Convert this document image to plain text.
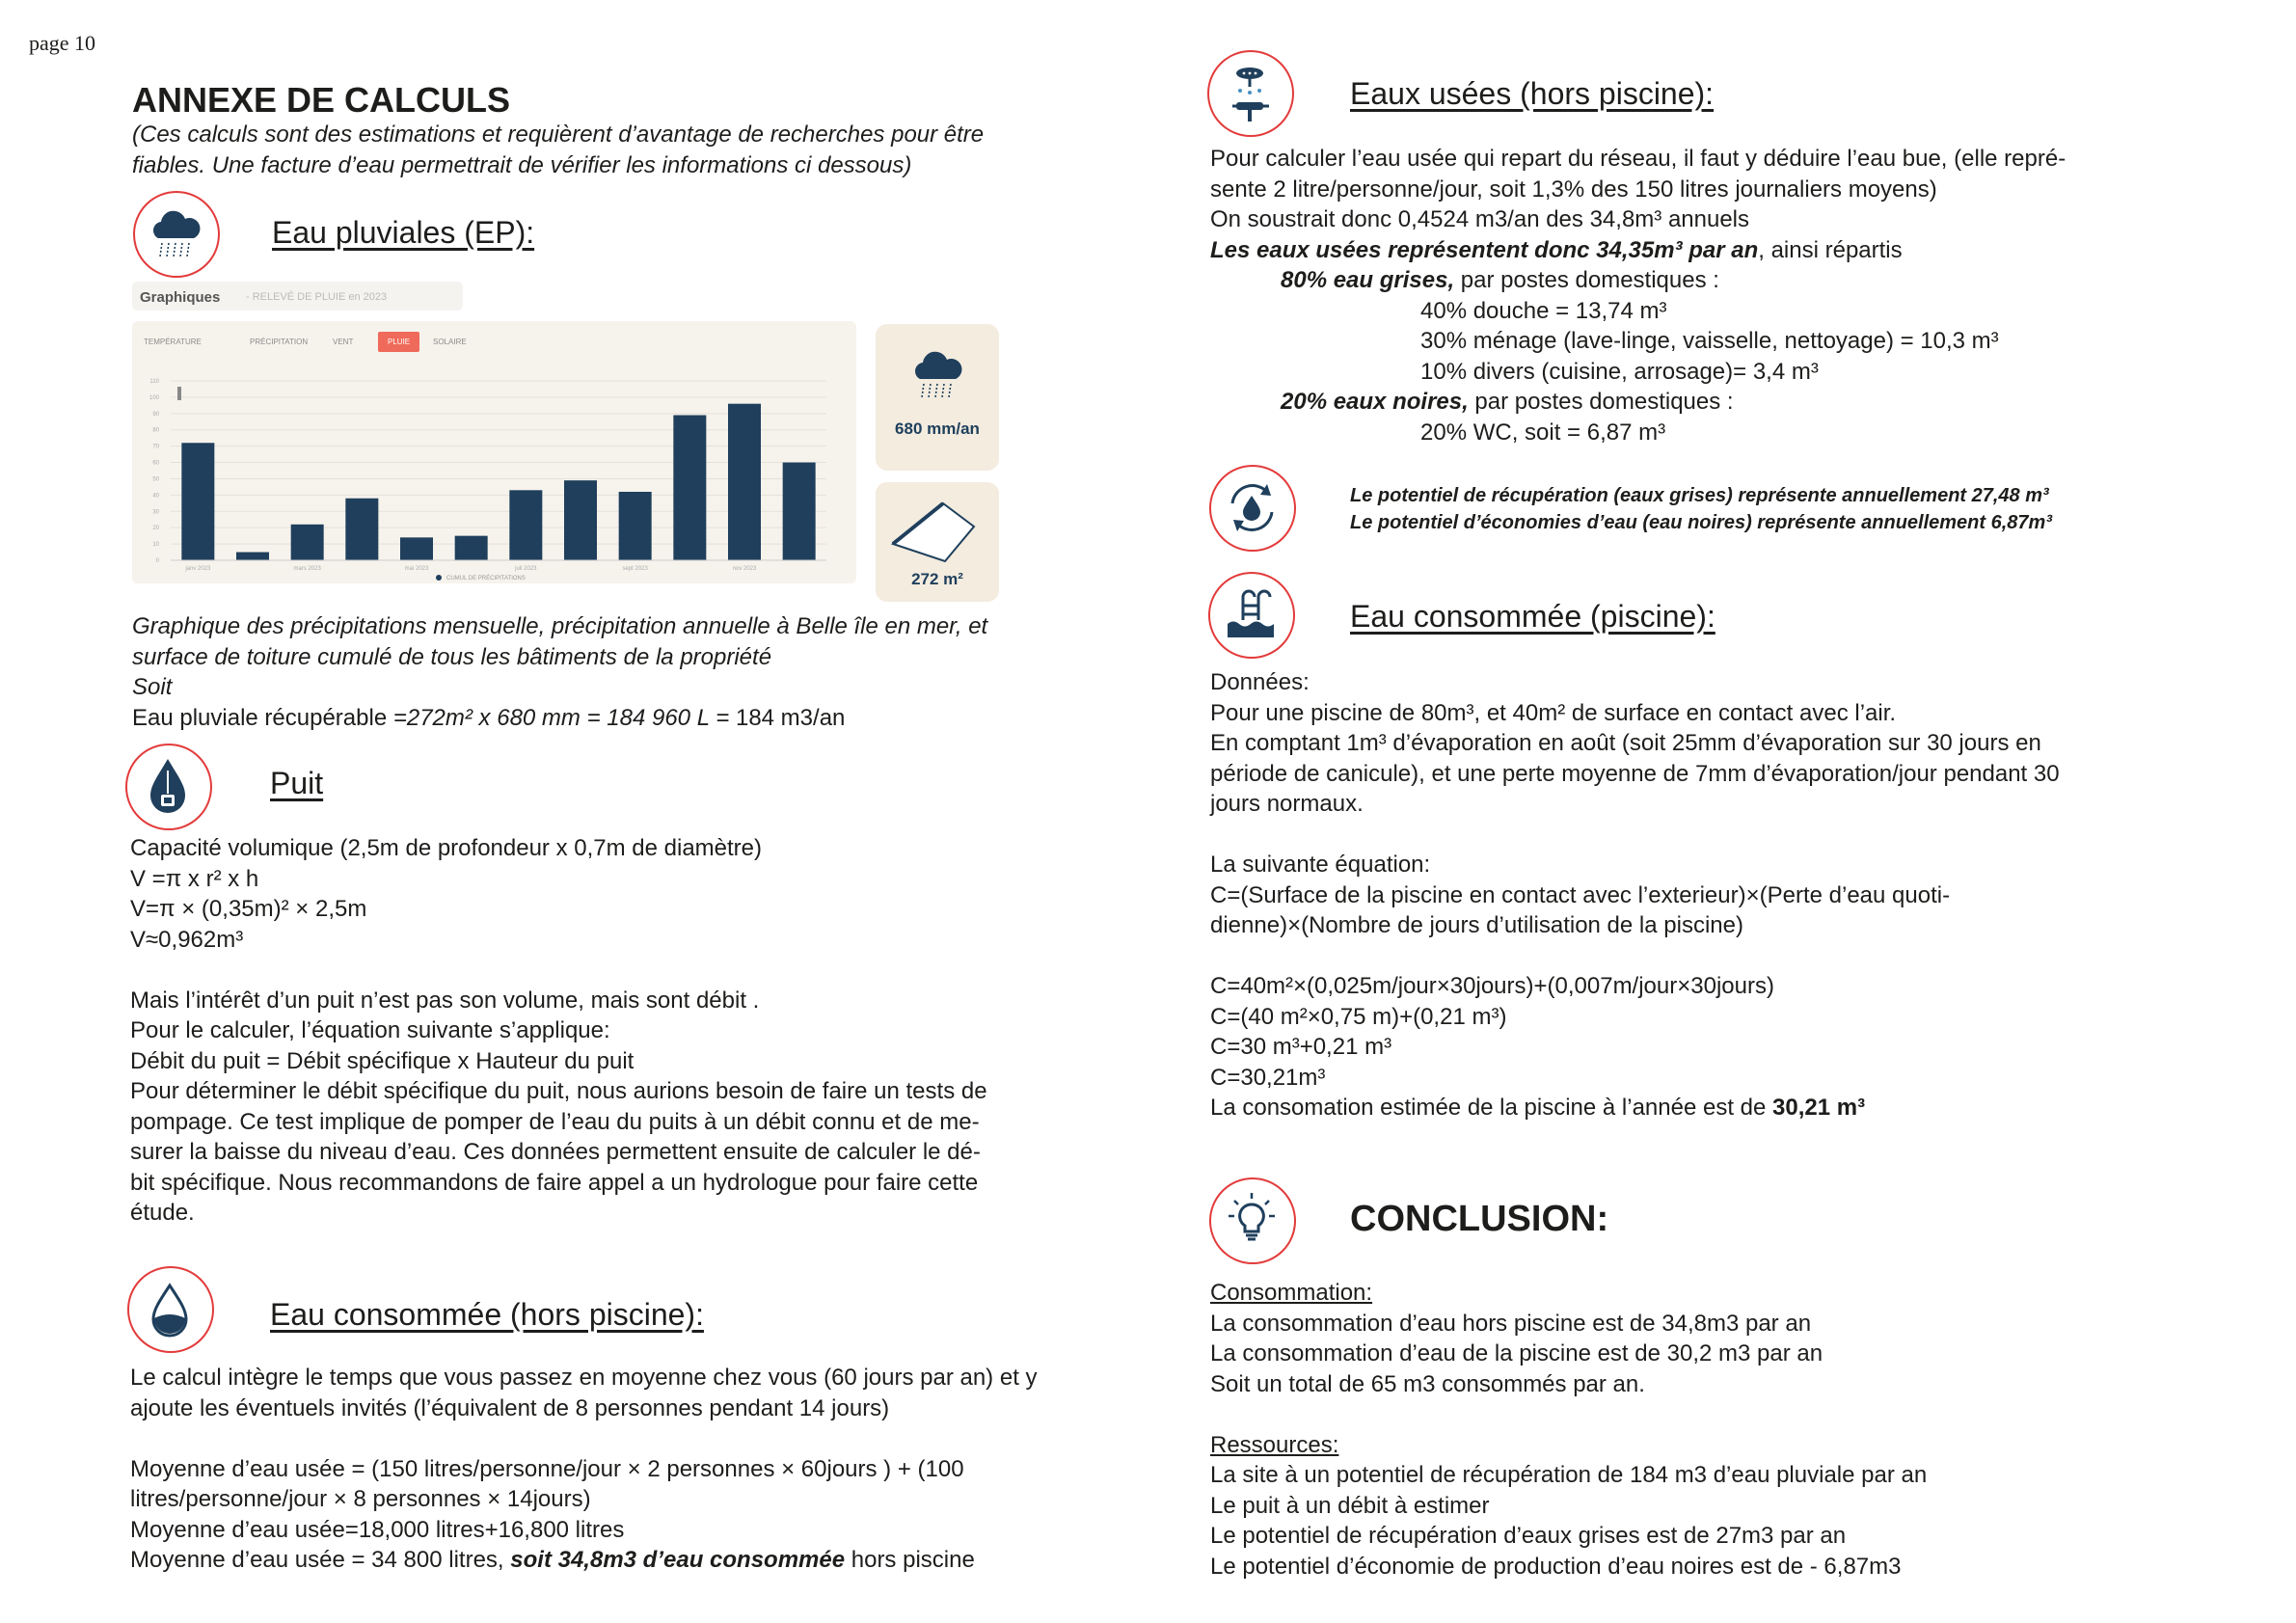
page 10
ANNEXE DE CALCULS
(Ces calculs sont des estimations et requièrent d’avantage de recherches pour être
fiables. Une facture d’eau permettrait de vérifier les informations ci dessous)
Eau pluviales (EP):
Graphiques - RELEVÉ DE PLUIE en 2023
TEMPÉRATURE	PRÉCIPITATION	VENT	PLUIE	SOLAIRE
0
10
20
30
40
50
60
70
80
90
100
110
janv 2023	mars 2023	mai 2023	juil 2023	sept 2023	nov 2023
CUMUL DE PRÉCIPITATIONS
680 mm/an
272 m²
Graphique des précipitations mensuelle, précipitation annuelle à Belle île en mer, et
surface de toiture cumulé de tous les bâtiments de la propriété
Soit
Eau pluviale récupérable =272m² x 680 mm = 184 960 L = 184 m3/an
Puit
Capacité volumique (2,5m de profondeur x 0,7m de diamètre)
V =π x r² x h
V=π × (0,35m)² × 2,5m
V≈0,962m³
Mais l’intérêt d’un puit n’est pas son volume, mais sont débit .
Pour le calculer, l’équation suivante s’applique:
Débit du puit = Débit spécifique x Hauteur du puit
Pour déterminer le débit spécifique du puit, nous aurions besoin de faire un tests de
pompage. Ce test implique de pomper de l’eau du puits à un débit connu et de me-
surer la baisse du niveau d’eau. Ces données permettent ensuite de calculer le dé-
bit spécifique. Nous recommandons de faire appel a un hydrologue pour faire cette
étude.
Eau consommée (hors piscine):
Le calcul intègre le temps que vous passez en moyenne chez vous (60 jours par an) et y
ajoute les éventuels invités (l’équivalent de 8 personnes pendant 14 jours)
Moyenne d’eau usée = (150 litres/personne/jour × 2 personnes × 60jours ) + (100
litres/personne/jour × 8 personnes × 14jours)
Moyenne d’eau usée=18,000 litres+16,800 litres
Moyenne d’eau usée = 34 800 litres, soit 34,8m3 d’eau consommée hors piscine
Eaux usées (hors piscine):
Pour calculer l’eau usée qui repart du réseau, il faut y déduire l’eau bue, (elle repré-
sente 2 litre/personne/jour, soit 1,3% des 150 litres journaliers moyens)
On soustrait donc 0,4524 m3/an des 34,8m³ annuels
Les eaux usées représentent donc 34,35m³ par an, ainsi répartis
80% eau grises, par postes domestiques :
40% douche = 13,74 m³
30% ménage (lave-linge, vaisselle, nettoyage) = 10,3 m³
10% divers (cuisine, arrosage)= 3,4 m³
20% eaux noires, par postes domestiques :
20% WC, soit = 6,87 m³
Le potentiel de récupération (eaux grises) représente annuellement 27,48 m³
Le potentiel d’économies d’eau (eau noires) représente annuellement 6,87m³
Eau consommée (piscine):
Données:
Pour une piscine de 80m³, et 40m² de surface en contact avec l’air.
En comptant 1m³ d’évaporation en août (soit 25mm d’évaporation sur 30 jours en
période de canicule), et une perte moyenne de 7mm d’évaporation/jour pendant 30
jours normaux.
La suivante équation:
C=(Surface de la piscine en contact avec l’exterieur)×(Perte d’eau quoti-
dienne)×(Nombre de jours d’utilisation de la piscine)
C=40m²×(0,025m/jour×30jours)+(0,007m/jour×30jours)
C=(40 m²×0,75 m)+(0,21 m³)
C=30 m³+0,21 m³
C=30,21m³
La consomation estimée de la piscine à l’année est de 30,21 m³
CONCLUSION:
Consommation:
La consommation d’eau hors piscine est de 34,8m3 par an
La consommation d’eau de la piscine est de 30,2 m3 par an
Soit un total de 65 m3 consommés par an.
Ressources:
La site à un potentiel de récupération de 184 m3 d’eau pluviale par an
Le puit à un débit à estimer
Le potentiel de récupération d’eaux grises est de 27m3 par an
Le potentiel d’économie de production d’eau noires est de - 6,87m3
